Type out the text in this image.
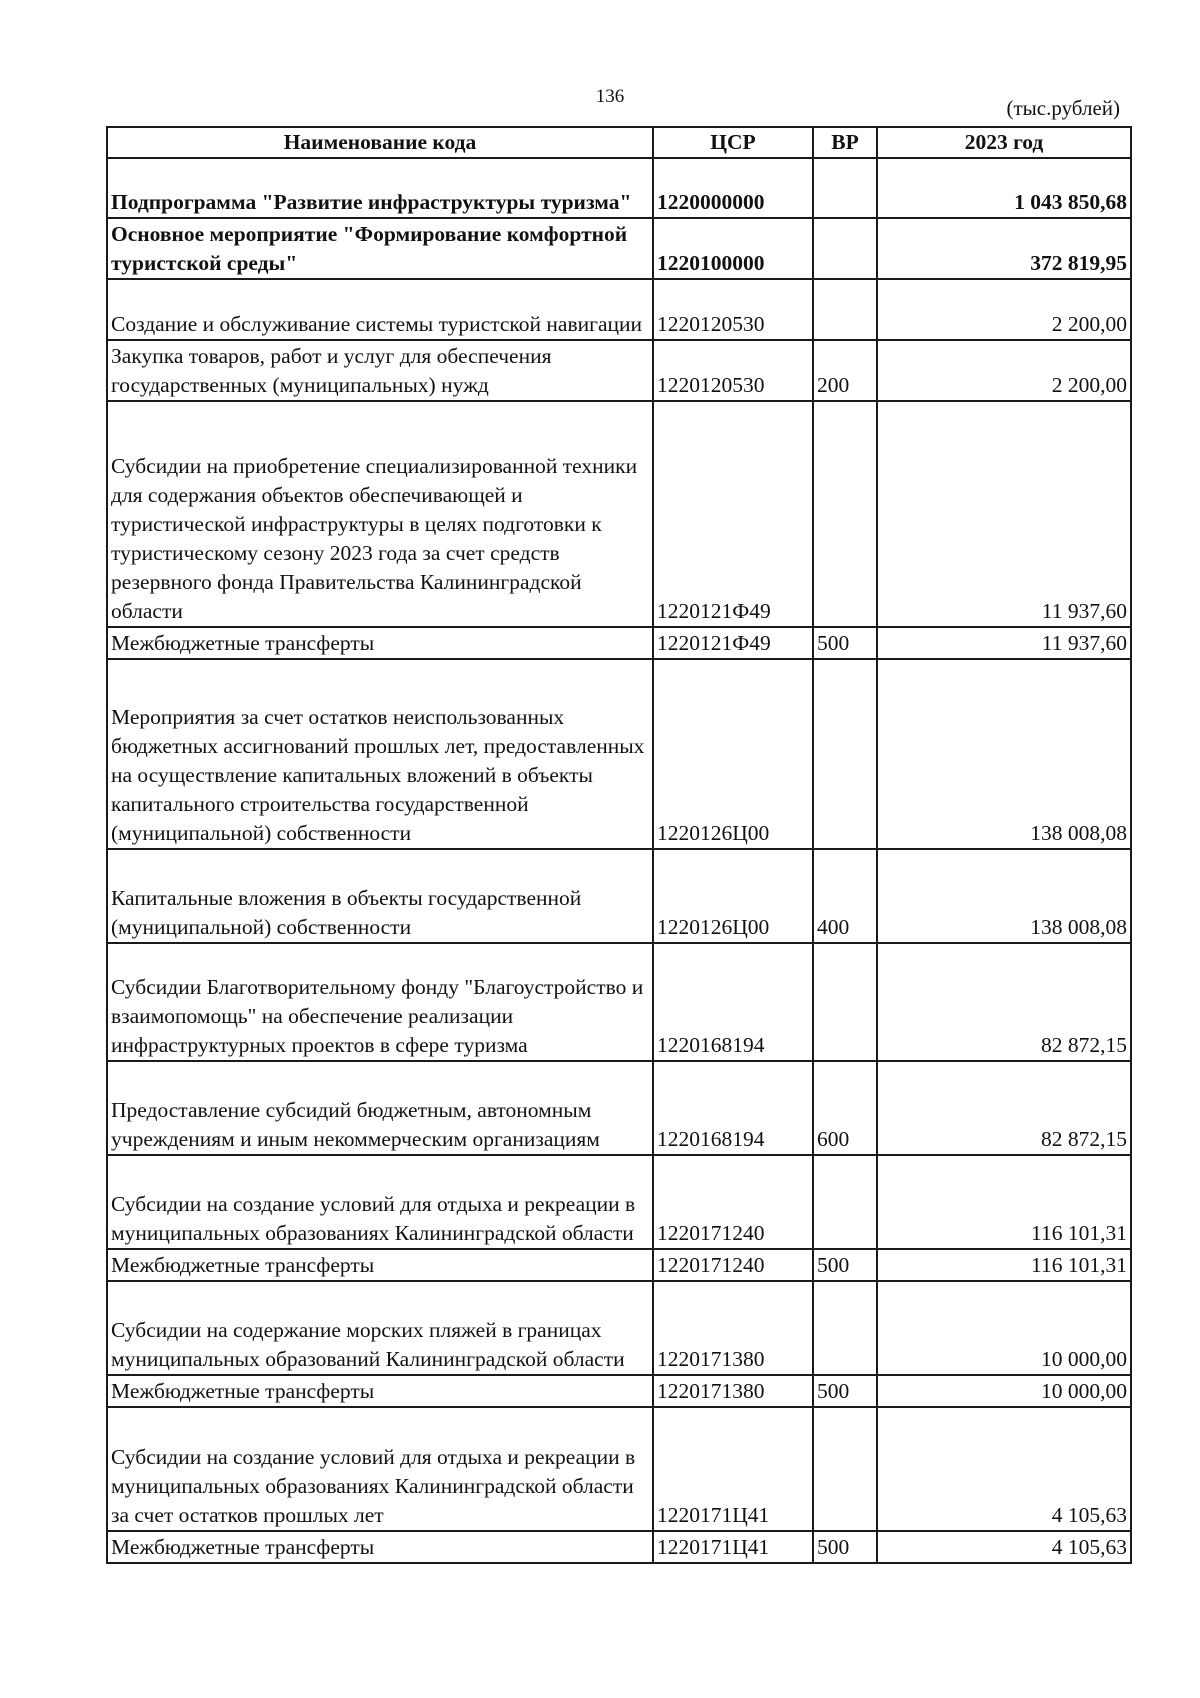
136	(тыс.рублей)
Наименование кода	ЦСР	ВР	2023 год
Подпрограмма "Развитие инфраструктуры туризма"	1220000000		1 043 850,68
Основное мероприятие "Формирование комфортной туристской среды"	1220100000		372 819,95
Создание и обслуживание системы туристской навигации	1220120530		2 200,00
Закупка товаров, работ и услуг для обеспечения государственных (муниципальных) нужд	1220120530	200	2 200,00
Субсидии на приобретение специализированной техники для содержания объектов обеспечивающей и туристической инфраструктуры в целях подготовки к туристическому сезону 2023 года за счет средств резервного фонда Правительства Калининградской области	1220121Ф49		11 937,60
Межбюджетные трансферты	1220121Ф49	500	11 937,60
Мероприятия за счет остатков неиспользованных бюджетных ассигнований прошлых лет, предоставленных на осуществление капитальных вложений в объекты капитального строительства государственной (муниципальной) собственности	1220126Ц00		138 008,08
Капитальные вложения в объекты государственной (муниципальной) собственности	1220126Ц00	400	138 008,08
Субсидии Благотворительному фонду "Благоустройство и взаимопомощь" на обеспечение реализации инфраструктурных проектов в сфере туризма	1220168194		82 872,15
Предоставление субсидий бюджетным, автономным учреждениям и иным некоммерческим организациям	1220168194	600	82 872,15
Субсидии на создание условий для отдыха и рекреации в муниципальных образованиях Калининградской области	1220171240		116 101,31
Межбюджетные трансферты	1220171240	500	116 101,31
Субсидии на содержание морских пляжей в границах муниципальных образований Калининградской области	1220171380		10 000,00
Межбюджетные трансферты	1220171380	500	10 000,00
Субсидии на создание условий для отдыха и рекреации в муниципальных образованиях Калининградской области за счет остатков прошлых лет	1220171Ц41		4 105,63
Межбюджетные трансферты	1220171Ц41	500	4 105,63
